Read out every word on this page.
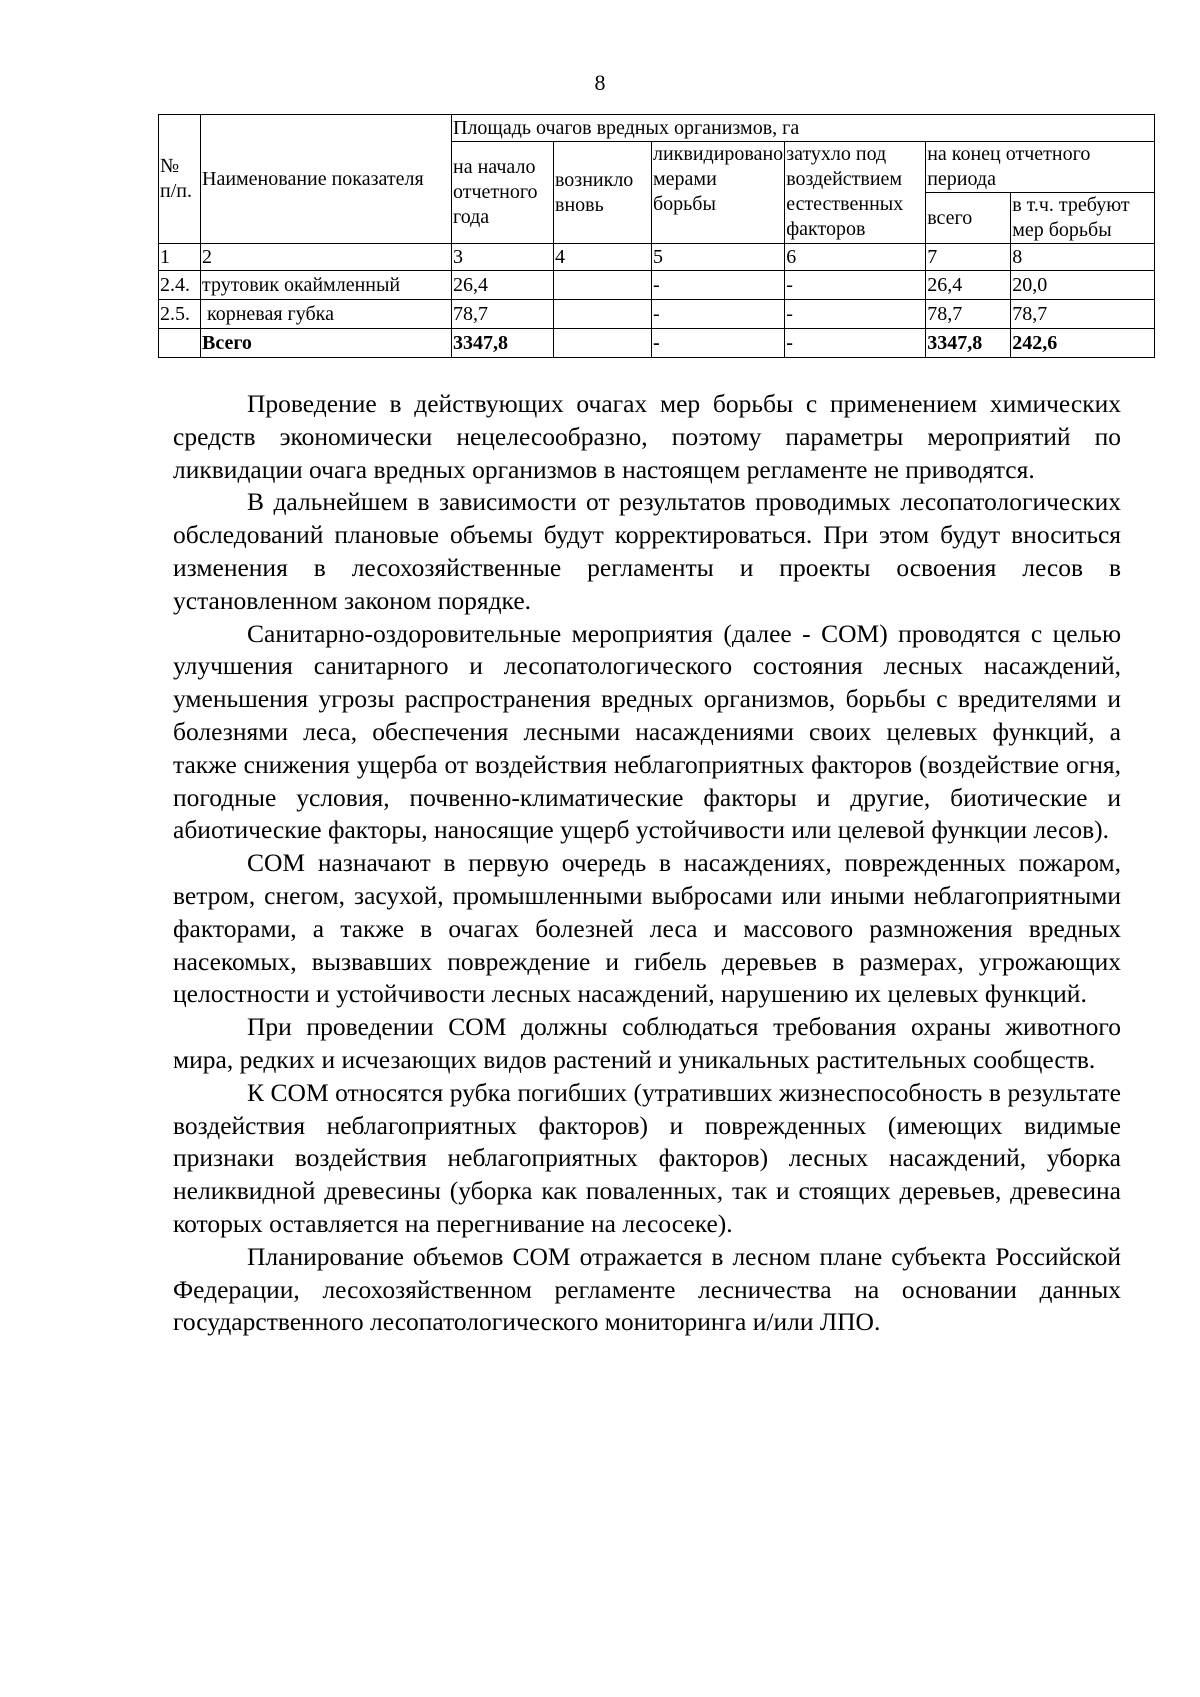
8
№ п/п.	Наименование показателя	Площадь очагов вредных организмов, га					
		на начало отчетного года	возникло вновь	ликвидировано мерами борьбы	затухло под воздействием естественных факторов	на конец отчетного периода	
						всего	в т.ч. требуют мер борьбы
1	2	3	4	5	6	7	8
2.4.	трутовик окаймленный	26,4		-	-	26,4	20,0
2.5.	корневая губка	78,7		-	-	78,7	78,7
	Всего	3347,8		-	-	3347,8	242,6

Проведение в действующих очагах мер борьбы с применением химических средств экономически нецелесообразно, поэтому параметры мероприятий по ликвидации очага вредных организмов в настоящем регламенте не приводятся.

В дальнейшем в зависимости от результатов проводимых лесопатологических обследований плановые объемы будут корректироваться. При этом будут вноситься изменения в лесохозяйственные регламенты и проекты освоения лесов в установленном законом порядке.

Санитарно-оздоровительные мероприятия (далее - СОМ) проводятся с целью улучшения санитарного и лесопатологического состояния лесных насаждений, уменьшения угрозы распространения вредных организмов, борьбы с вредителями и болезнями леса, обеспечения лесными насаждениями своих целевых функций, а также снижения ущерба от воздействия неблагоприятных факторов (воздействие огня, погодные условия, почвенно-климатические факторы и другие, биотические и абиотические факторы, наносящие ущерб устойчивости или целевой функции лесов).

СОМ назначают в первую очередь в насаждениях, поврежденных пожаром, ветром, снегом, засухой, промышленными выбросами или иными неблагоприятными факторами, а также в очагах болезней леса и массового размножения вредных насекомых, вызвавших повреждение и гибель деревьев в размерах, угрожающих целостности и устойчивости лесных насаждений, нарушению их целевых функций.

При проведении СОМ должны соблюдаться требования охраны животного мира, редких и исчезающих видов растений и уникальных растительных сообществ.

К СОМ относятся рубка погибших (утративших жизнеспособность в результате воздействия неблагоприятных факторов) и поврежденных (имеющих видимые признаки воздействия неблагоприятных факторов) лесных насаждений, уборка неликвидной древесины (уборка как поваленных, так и стоящих деревьев, древесина которых оставляется на перегнивание на лесосеке).

Планирование объемов СОМ отражается в лесном плане субъекта Российской Федерации, лесохозяйственном регламенте лесничества на основании данных государственного лесопатологического мониторинга и/или ЛПО.
